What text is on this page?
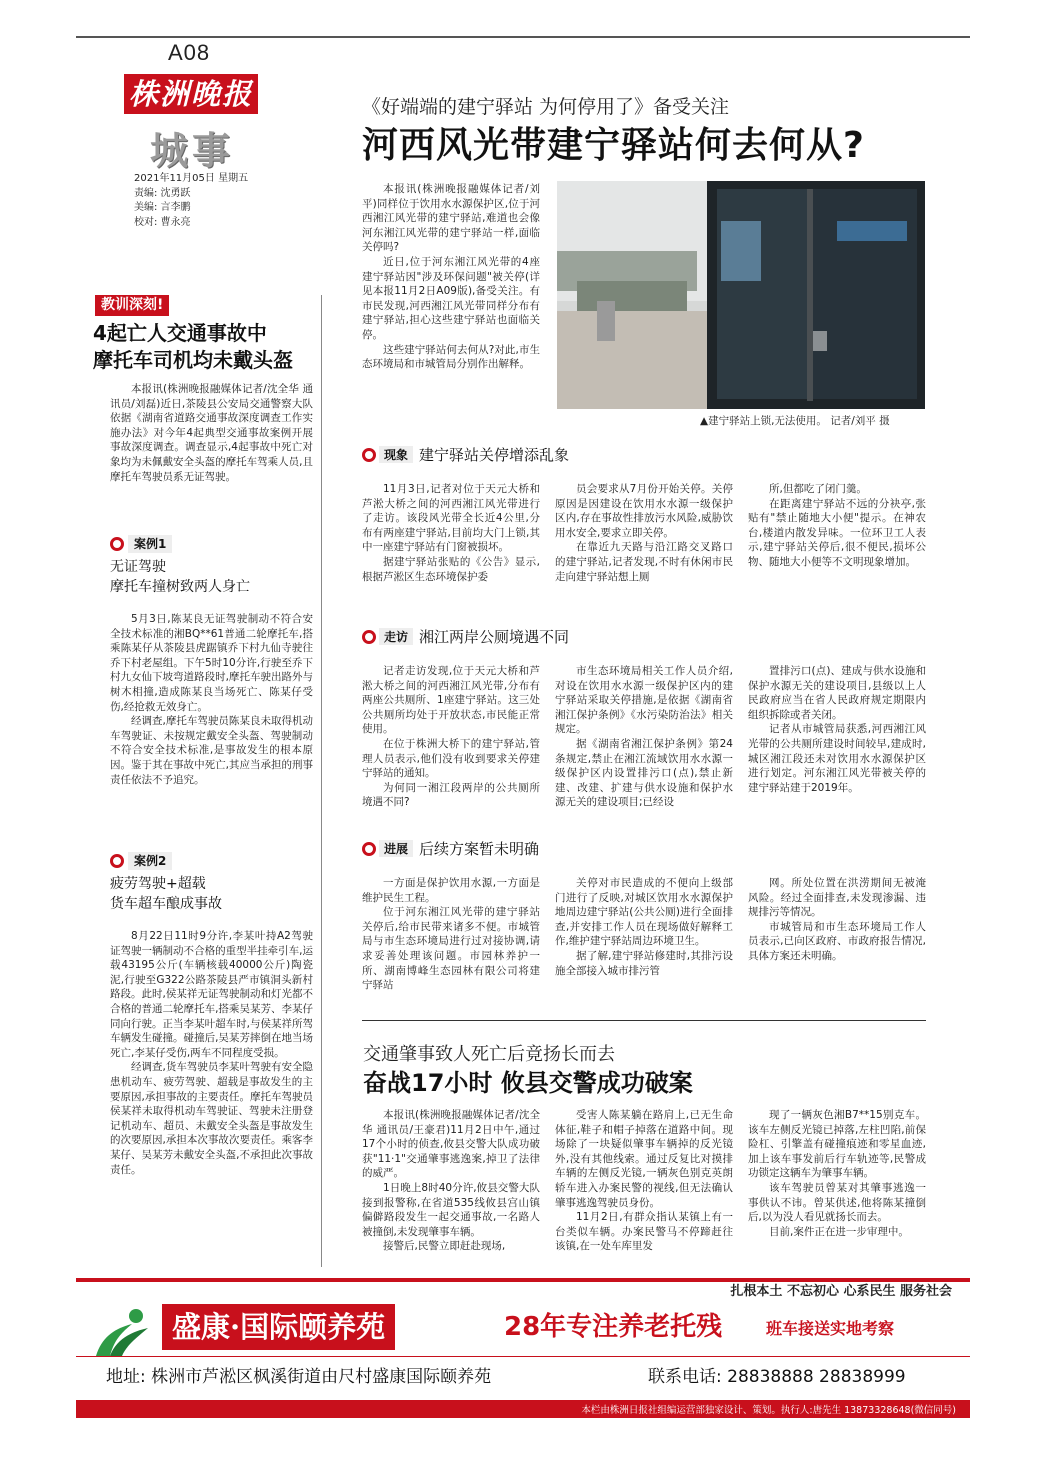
A08
株洲晚报
城事
2021年11月05日 星期五
责编: 沈勇跃
美编: 言李鹏
校对: 曹永亮
教训深刻!
4起亡人交通事故中
摩托车司机均未戴头盔

本报讯(株洲晚报融媒体记者/沈全华 通讯员/刘磊)近日,茶陵县公安局交通警察大队依据《湖南省道路交通事故深度调查工作实施办法》对今年4起典型交通事故案例开展事故深度调查。调查显示,4起事故中死亡对象均为未佩戴安全头盔的摩托车驾乘人员,且摩托车驾驶员系无证驾驶。

案例1
无证驾驶
摩托车撞树致两人身亡

5月3日,陈某良无证驾驶制动不符合安全技术标准的湘BQ**61普通二轮摩托车,搭乘陈某仔从茶陵县虎踞镇乔下村九仙寺驶往乔下村老屋组。下午5时10分许,行驶至乔下村九女仙下坡弯道路段时,摩托车驶出路外与树木相撞,造成陈某良当场死亡、陈某仔受伤,经抢救无效身亡。

经调查,摩托车驾驶员陈某良未取得机动车驾驶证、未按规定戴安全头盔、驾驶制动不符合安全技术标准,是事故发生的根本原因。鉴于其在事故中死亡,其应当承担的刑事责任依法不予追究。

案例2
疲劳驾驶+超载
货车超车酿成事故

8月22日11时9分许,李某叶持A2驾驶证驾驶一辆制动不合格的重型半挂牵引车,运载43195公斤(车辆核载40000公斤)陶瓷泥,行驶至G322公路茶陵县严市镇洞头新村路段。此时,侯某祥无证驾驶制动和灯光都不合格的普通二轮摩托车,搭乘吴某芳、李某仔同向行驶。正当李某叶超车时,与侯某祥所驾车辆发生碰撞。碰撞后,吴某芳摔倒在地当场死亡,李某仔受伤,两车不同程度受损。

经调查,货车驾驶员李某叶驾驶有安全隐患机动车、疲劳驾驶、超载是事故发生的主要原因,承担事故的主要责任。摩托车驾驶员侯某祥未取得机动车驾驶证、驾驶未注册登记机动车、超员、未戴安全头盔是事故发生的次要原因,承担本次事故次要责任。乘客李某仔、吴某芳未戴安全头盔,不承担此次事故责任。

《好端端的建宁驿站 为何停用了》备受关注
河西风光带建宁驿站何去何从?

本报讯(株洲晚报融媒体记者/刘平)同样位于饮用水水源保护区,位于河西湘江风光带的建宁驿站,难道也会像河东湘江风光带的建宁驿站一样,面临关停吗?

近日,位于河东湘江风光带的4座建宁驿站因"涉及环保问题"被关停(详见本报11月2日A09版),备受关注。有市民发现,河西湘江风光带同样分布有建宁驿站,担心这些建宁驿站也面临关停。

这些建宁驿站何去何从?对此,市生态环境局和市城管局分别作出解释。

▲建宁驿站上锁,无法使用。 记者/刘平 摄
现象 建宁驿站关停增添乱象

11月3日,记者对位于天元大桥和芦淞大桥之间的河西湘江风光带进行了走访。该段风光带全长近4公里,分布有两座建宁驿站,目前均大门上锁,其中一座建宁驿站有门窗被损坏。

据建宁驿站张贴的《公告》显示,根据芦淞区生态环境保护委

员会要求从7月份开始关停。关停原因是因建设在饮用水水源一级保护区内,存在事故性排放污水风险,威胁饮用水安全,要求立即关停。

在靠近九天路与沿江路交叉路口的建宁驿站,记者发现,不时有休闲市民走向建宁驿站想上厕

所,但都吃了闭门羹。

在距离建宁驿站不远的分袂亭,张贴有"禁止随地大小便"提示。在神农台,楼道内散发异味。一位环卫工人表示,建宁驿站关停后,很不便民,损坏公物、随地大小便等不文明现象增加。

走访 湘江两岸公厕境遇不同

记者走访发现,位于天元大桥和芦淞大桥之间的河西湘江风光带,分布有两座公共厕所、1座建宁驿站。这三处公共厕所均处于开放状态,市民能正常使用。

在位于株洲大桥下的建宁驿站,管理人员表示,他们没有收到要求关停建宁驿站的通知。

为何同一湘江段两岸的公共厕所境遇不同?

市生态环境局相关工作人员介绍,对设在饮用水水源一级保护区内的建宁驿站采取关停措施,是依据《湖南省湘江保护条例》《水污染防治法》相关规定。

据《湖南省湘江保护条例》第24条规定,禁止在湘江流域饮用水水源一级保护区内设置排污口(点),禁止新建、改建、扩建与供水设施和保护水源无关的建设项目;已经设

置排污口(点)、建成与供水设施和保护水源无关的建设项目,县级以上人民政府应当在省人民政府规定期限内组织拆除或者关闭。

记者从市城管局获悉,河西湘江风光带的公共厕所建设时间较早,建成时,城区湘江段还未对饮用水水源保护区进行划定。河东湘江风光带被关停的建宁驿站建于2019年。

进展 后续方案暂未明确

一方面是保护饮用水源,一方面是维护民生工程。

位于河东湘江风光带的建宁驿站关停后,给市民带来诸多不便。市城管局与市生态环境局进行过对接协调,请求妥善处理该问题。市园林养护一所、湖南博峰生态园林有限公司将建宁驿站

关停对市民造成的不便向上级部门进行了反映,对城区饮用水水源保护地周边建宁驿站(公共公厕)进行全面排查,并安排工作人员在现场做好解释工作,维护建宁驿站周边环境卫生。

据了解,建宁驿站修建时,其排污设施全部接入城市排污管

网。所处位置在洪涝期间无被淹风险。经过全面排查,未发现渗漏、违规排污等情况。

市城管局和市生态环境局工作人员表示,已向区政府、市政府报告情况,具体方案还未明确。

交通肇事致人死亡后竟扬长而去
奋战17小时 攸县交警成功破案

本报讯(株洲晚报融媒体记者/沈全华 通讯员/王豪君)11月2日中午,通过17个小时的侦查,攸县交警大队成功破获"11·1"交通肇事逃逸案,掉卫了法律的威严。

1日晚上8时40分许,攸县交警大队接到报警称,在省道535线攸县宫山镇偏僻路段发生一起交通事故,一名路人被撞倒,未发现肇事车辆。

接警后,民警立即赶赴现场,

受害人陈某躺在路肩上,已无生命体征,鞋子和帽子掉落在道路中间。现场除了一块疑似肇事车辆掉的反光镜外,没有其他线索。通过反复比对摸排车辆的左侧反光镜,一辆灰色别克英朗轿车进入办案民警的视线,但无法确认肇事逃逸驾驶员身份。

11月2日,有群众指认某镇上有一台类似车辆。办案民警马不停蹄赶往该镇,在一处车库里发

现了一辆灰色湘B7**15别克车。该车左侧反光镜已掉落,左柱凹陷,前保险杠、引擎盖有碰撞痕迹和零星血迹,加上该车事发前后行车轨迹等,民警成功锁定这辆车为肇事车辆。

该车驾驶员曾某对其肇事逃逸一事供认不讳。曾某供述,他将陈某撞倒后,以为没人看见就扬长而去。

目前,案件正在进一步审理中。

扎根本土 不忘初心 心系民生 服务社会
盛康·国际颐养苑	28年专注养老托残	班车接送实地考察
地址: 株洲市芦淞区枫溪街道由尺村盛康国际颐养苑	联系电话: 28838888 28838999
本栏由株洲日报社组编运营部独家设计、策划。执行人:唐先生 13873328648(微信同号)
